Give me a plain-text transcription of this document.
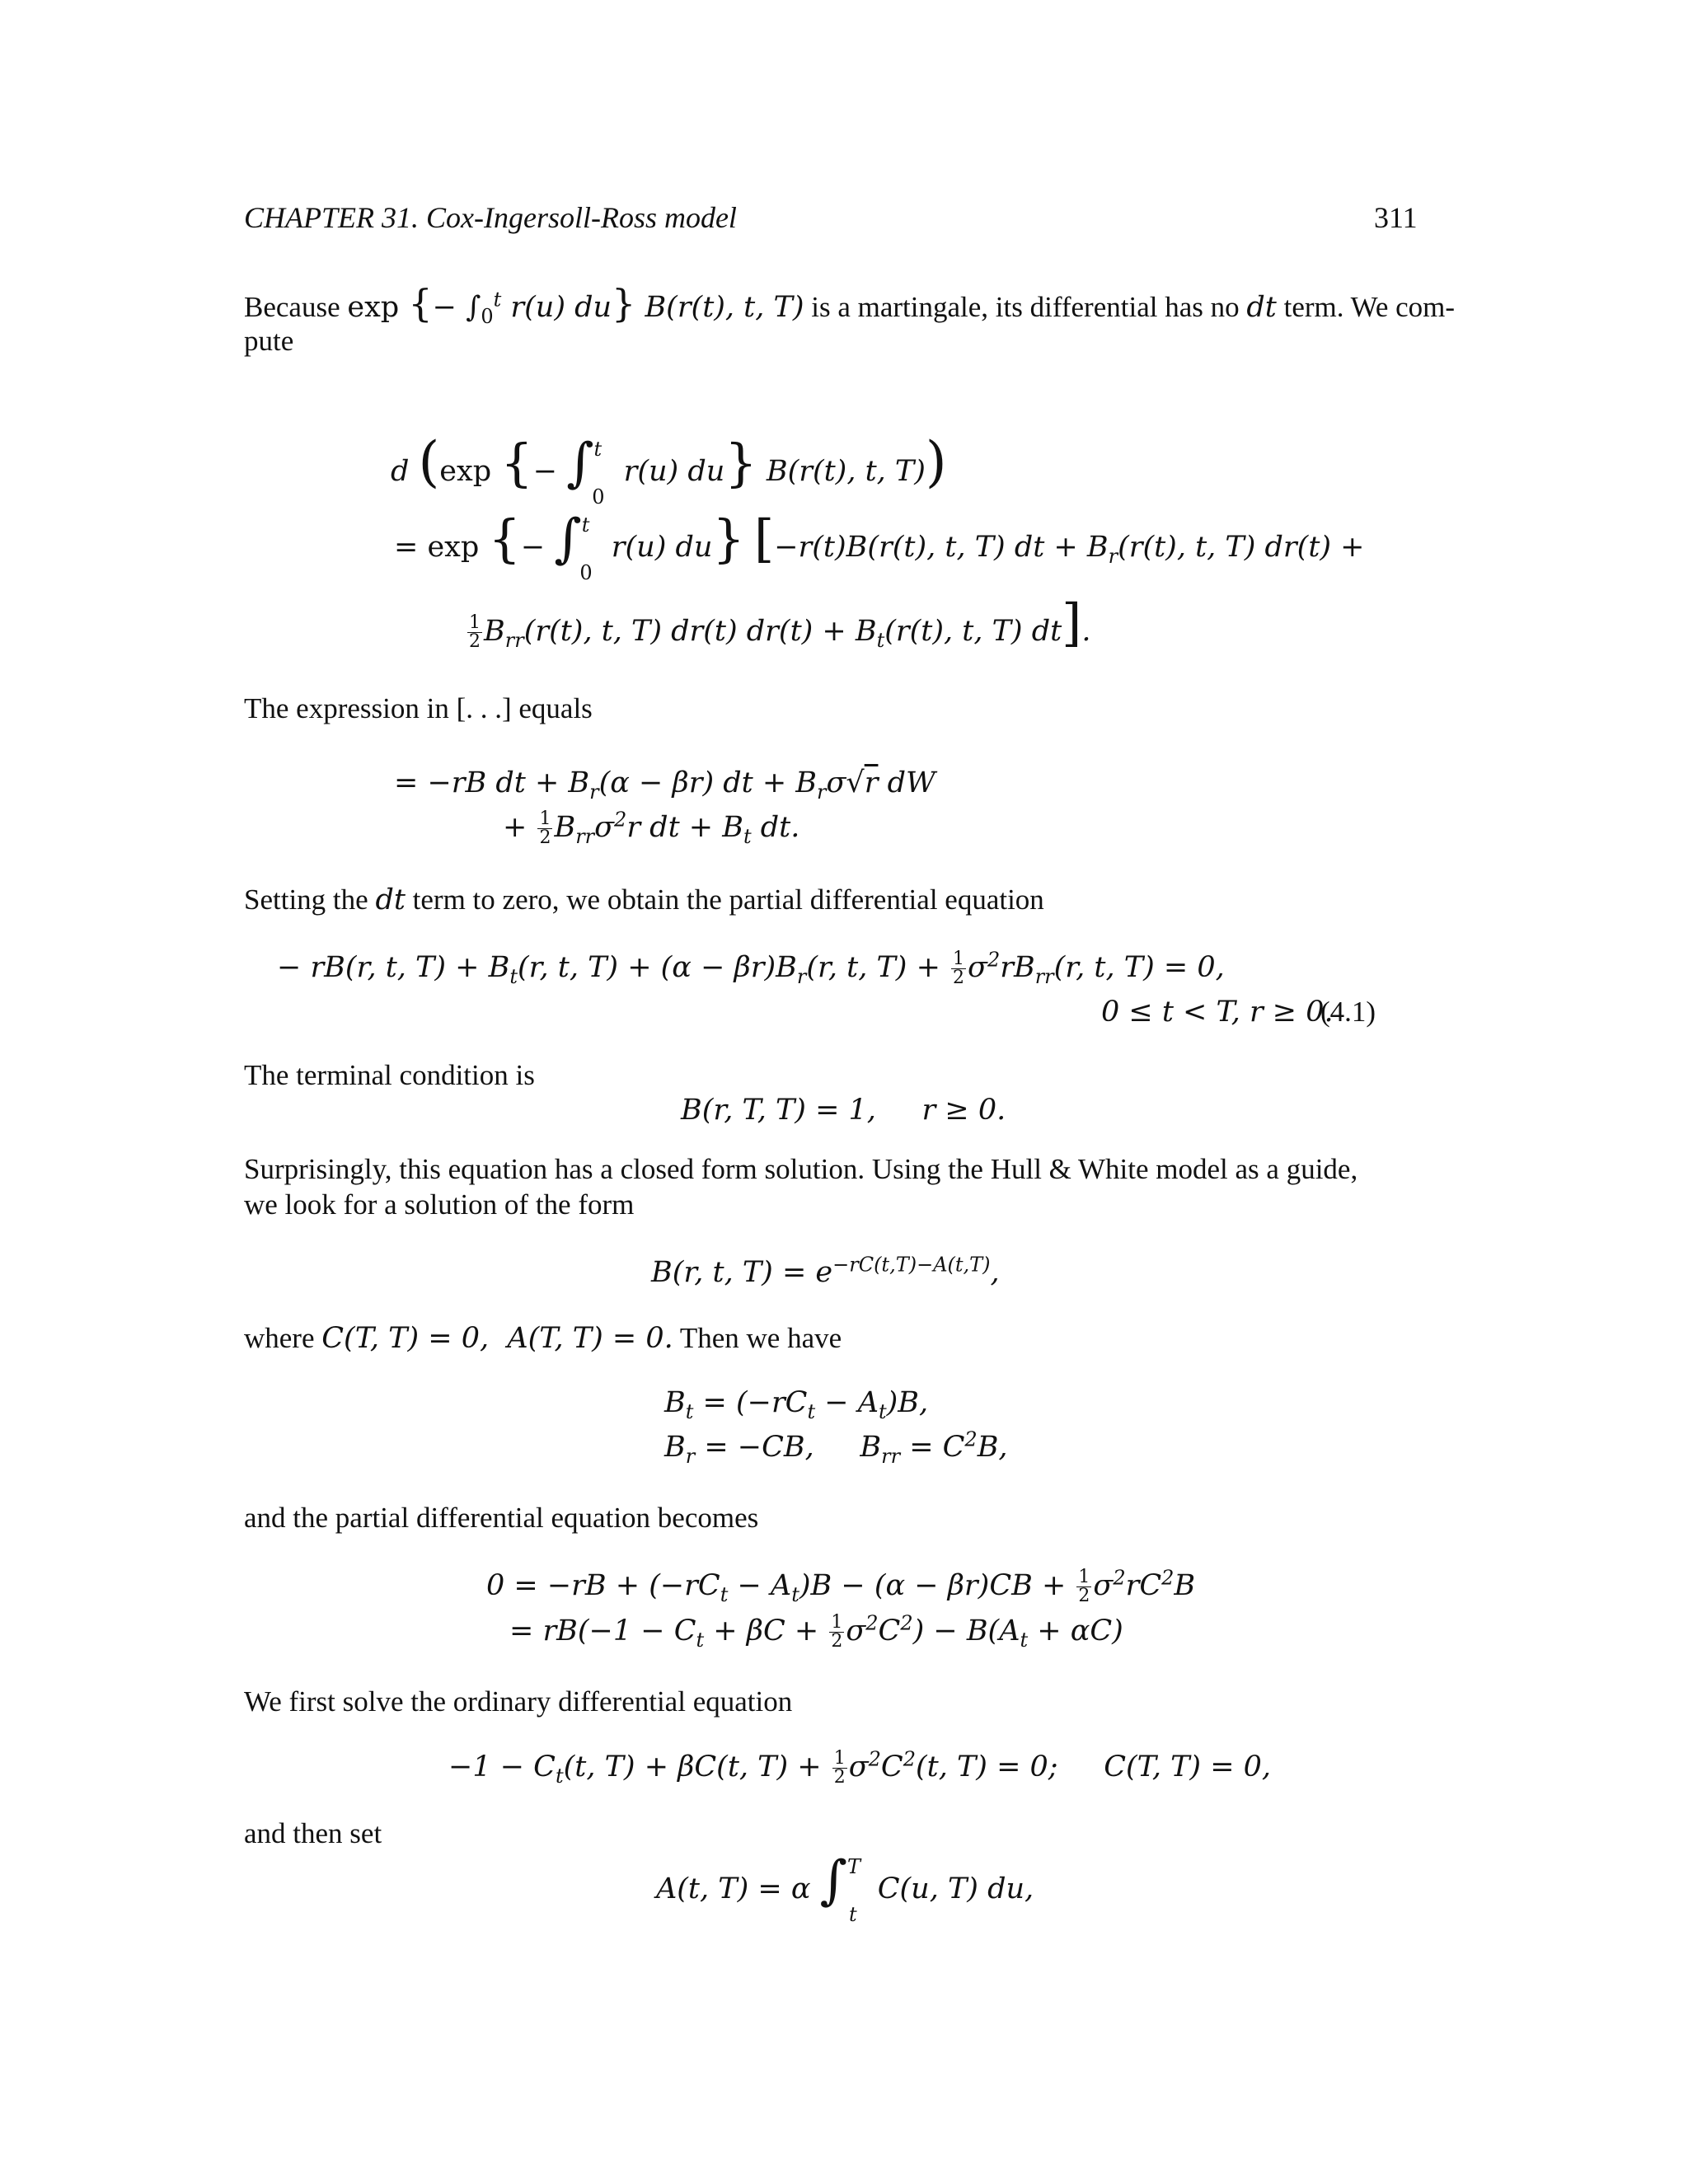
CHAPTER 31. Cox-Ingersoll-Ross model	311
Because exp {− $\int_0^t$ r(u) du} B(r(t), t, T) is a martingale, its differential has no dt term. We com-
pute
d (exp {− ∫$^t_0$ r(u) du} B(r(t), t, T))
= exp {− ∫$^t_0$ r(u) du} [−r(t)B(r(t), t, T) dt + $B_r(r(t)$, t, T) dr(t) +
$\frac{1}{2} B_{rr}(r(t)$, t, T) dr(t) $dr(t) + B_t(r(t)$, t, T) dt].
The expression in [. . .] equals
= −rB dt + $B_r(\alpha - \beta r)$ dt + $B_r\sigma√r$ dW
+ $\frac{1}{2} B_{rr}\sigma^2r$ dt + $B_t$ dt.
Setting the dt term to zero, we obtain the partial differential equation
− rB(r, t, $T) + B_t(r$, t, $T) + (\alpha - \beta r)B_r(r$, t, $T) + \frac{1}{2} \sigma^2rB_{rr}(r$, t, T) = 0,
0 ≤ t < T, r ≥ 0.
(4.1)
The terminal condition is
B(r, T, T) = 1,     r ≥ 0.
Surprisingly, this equation has a closed form solution. Using the Hull & White model as a guide,
we look for a solution of the form
B(r, t, $T) = e^{-rC(t,T)-A(t,T)}$,
where C(T, T) = 0,  A(T, T) = 0. Then we have
$B_t = (-rC_t - A_t)B$,
$B_r = -CB$,     $B_{rr} = C^2B$,
and the partial differential equation becomes
$0 = -rB + (-rC_t - A_t)B - (\alpha - \beta r)CB + \frac{1}{2} \sigma^2rC^2B$
= $rB(-1 - C_t + \beta C + \frac{1}{2} \sigma^2C^2) - B(A_t + \alpha C)$
We first solve the ordinary differential equation
$-1 - C_t(t$, T) + βC(t, $T) + \frac{1}{2} \sigma^2C^2(t$, T) = 0;     C(T, T) = 0,
and then set
A(t, T) = α ∫$^T_t$ C(u, T) du,
